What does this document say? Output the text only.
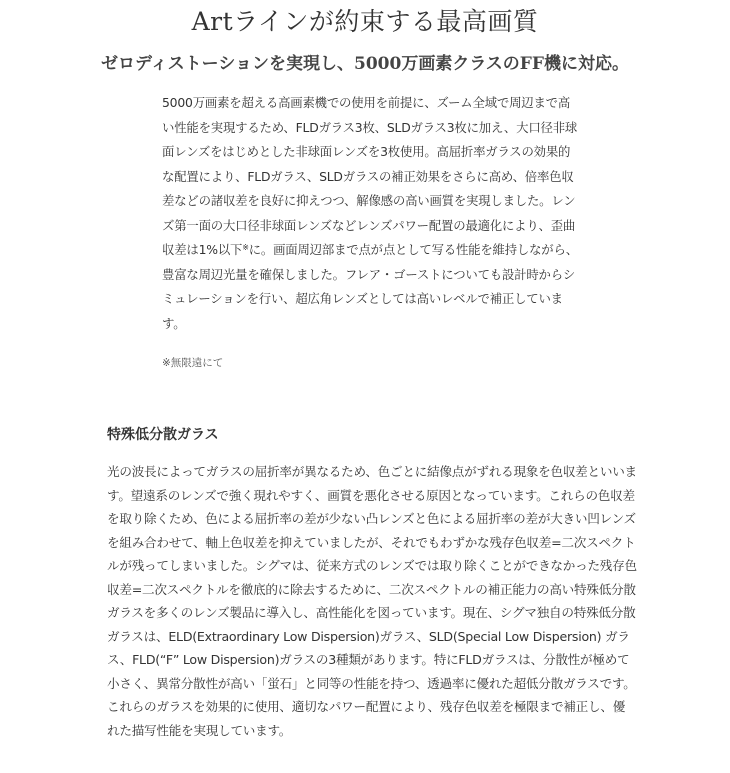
Artラインが約束する最高画質
ゼロディストーションを実現し、5000万画素クラスのFF機に対応。

5000万画素を超える高画素機での使用を前提に、ズーム全域で周辺まで高い性能を実現するため、FLDガラス3枚、SLDガラス3枚に加え、大口径非球面レンズをはじめとした非球面レンズを3枚使用。高屈折率ガラスの効果的な配置により、FLDガラス、SLDガラスの補正効果をさらに高め、倍率色収差などの諸収差を良好に抑えつつ、解像感の高い画質を実現しました。レンズ第一面の大口径非球面レンズなどレンズパワー配置の最適化により、歪曲収差は1%以下※に。画面周辺部まで点が点として写る性能を維持しながら、豊富な周辺光量を確保しました。フレア・ゴーストについても設計時からシミュレーションを行い、超広角レンズとしては高いレベルで補正しています。

※無限遠にて

特殊低分散ガラス

光の波長によってガラスの屈折率が異なるため、色ごとに結像点がずれる現象を色収差といいます。望遠系のレンズで強く現れやすく、画質を悪化させる原因となっています。これらの色収差を取り除くため、色による屈折率の差が少ない凸レンズと色による屈折率の差が大きい凹レンズを組み合わせて、軸上色収差を抑えていましたが、それでもわずかな残存色収差=二次スペクトルが残ってしまいました。シグマは、従来方式のレンズでは取り除くことができなかった残存色収差=二次スペクトルを徹底的に除去するために、二次スペクトルの補正能力の高い特殊低分散ガラスを多くのレンズ製品に導入し、高性能化を図っています。現在、シグマ独自の特殊低分散ガラスは、ELD(Extraordinary Low Dispersion)ガラス、SLD(Special Low Dispersion) ガラス、FLD(“F” Low Dispersion)ガラスの3種類があります。特にFLDガラスは、分散性が極めて小さく、異常分散性が高い「蛍石」と同等の性能を持つ、透過率に優れた超低分散ガラスです。これらのガラスを効果的に使用、適切なパワー配置により、残存色収差を極限まで補正し、優れた描写性能を実現しています。
